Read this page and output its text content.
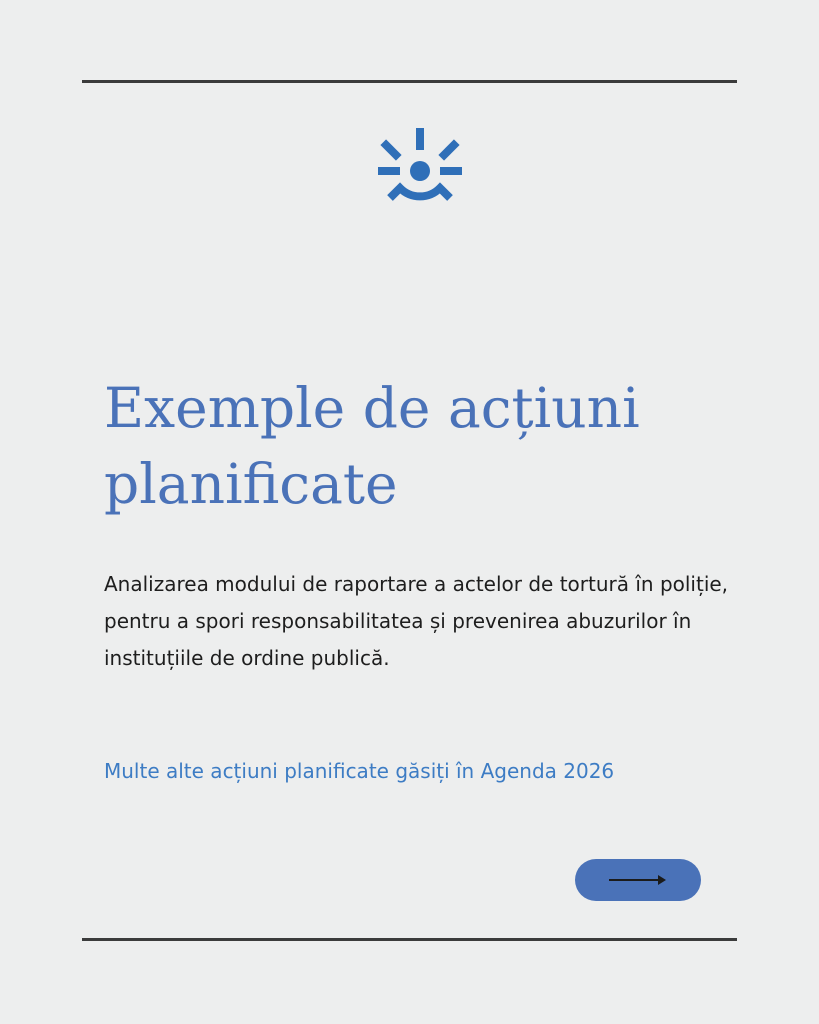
Exemple de acțiuni planificate

Analizarea modului de raportare a actelor de tortură în poliție, pentru a spori responsabilitatea și prevenirea abuzurilor în instituțiile de ordine publică.

Multe alte acțiuni planificate găsiți în Agenda 2026
